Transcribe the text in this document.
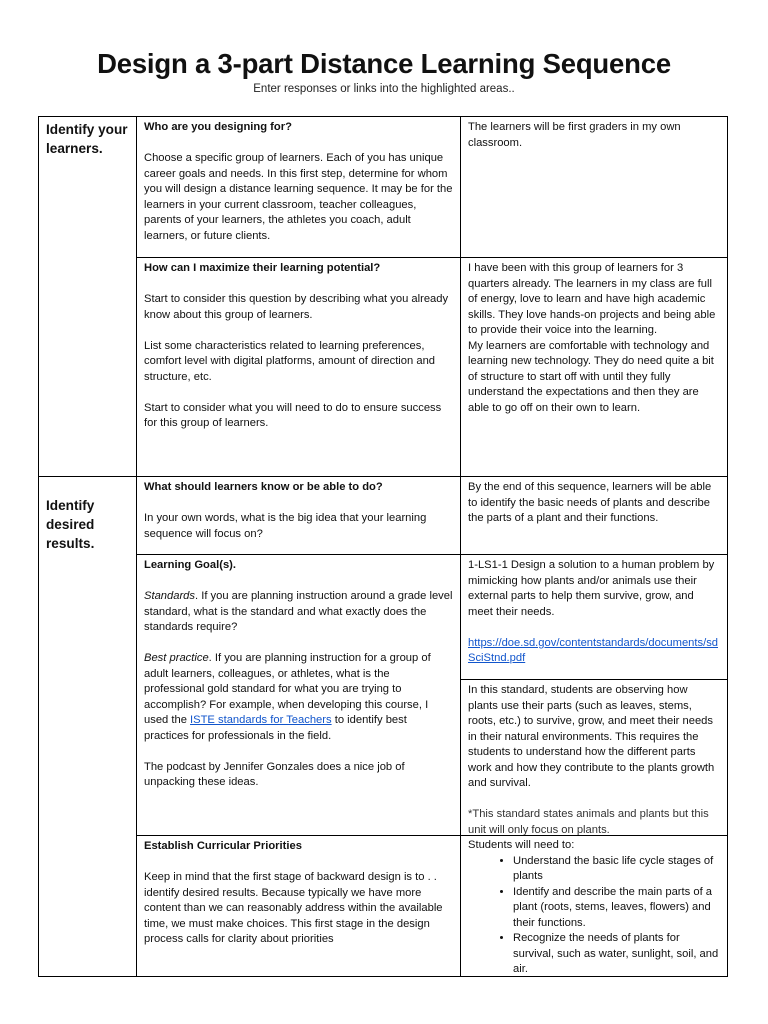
Design a 3-part Distance Learning Sequence

Enter responses or links into the highlighted areas..

Identify your learners.

Who are you designing for?

Choose a specific group of learners. Each of you has unique career goals and needs. In this first step, determine for whom you will design a distance learning sequence. It may be for the learners in your current classroom, teacher colleagues, parents of your learners, the athletes you coach, adult learners, or future clients.

The learners will be first graders in my own classroom.

How can I maximize their learning potential?

Start to consider this question by describing what you already know about this group of learners.

List some characteristics related to learning preferences, comfort level with digital platforms, amount of direction and structure, etc.

Start to consider what you will need to do to ensure success for this group of learners.

I have been with this group of learners for 3 quarters already. The learners in my class are full of energy, love to learn and have high academic skills. They love hands-on projects and being able to provide their voice into the learning.

My learners are comfortable with technology and learning new technology. They do need quite a bit of structure to start off with until they fully understand the expectations and then they are able to go off on their own to learn.

Identify desired results.

What should learners know or be able to do?

In your own words, what is the big idea that your learning sequence will focus on?

By the end of this sequence, learners will be able to identify the basic needs of plants and describe the parts of a plant and their functions.

Learning Goal(s).

Standards. If you are planning instruction around a grade level standard, what is the standard and what exactly does the standards require?

Best practice. If you are planning instruction for a group of adult learners, colleagues, or athletes, what is the professional gold standard for what you are trying to accomplish? For example, when developing this course, I used the ISTE standards for Teachers to identify best practices for professionals in the field.

The podcast by Jennifer Gonzales does a nice job of unpacking these ideas.

1-LS1-1 Design a solution to a human problem by mimicking how plants and/or animals use their external parts to help them survive, grow, and meet their needs.

https://doe.sd.gov/contentstandards/documents/sdSciStnd.pdf

In this standard, students are observing how plants use their parts (such as leaves, stems, roots, etc.) to survive, grow, and meet their needs in their natural environments. This requires the students to understand how the different parts work and how they contribute to the plants growth and survival.

*This standard states animals and plants but this unit will only focus on plants.

Establish Curricular Priorities

Keep in mind that the first stage of backward design is to . . identify desired results. Because typically we have more content than we can reasonably address within the available time, we must make choices. This first stage in the design process calls for clarity about priorities

Students will need to:

• Understand the basic life cycle stages of plants
• Identify and describe the main parts of a plant (roots, stems, leaves, flowers) and their functions.
• Recognize the needs of plants for survival, such as water, sunlight, soil, and air.
